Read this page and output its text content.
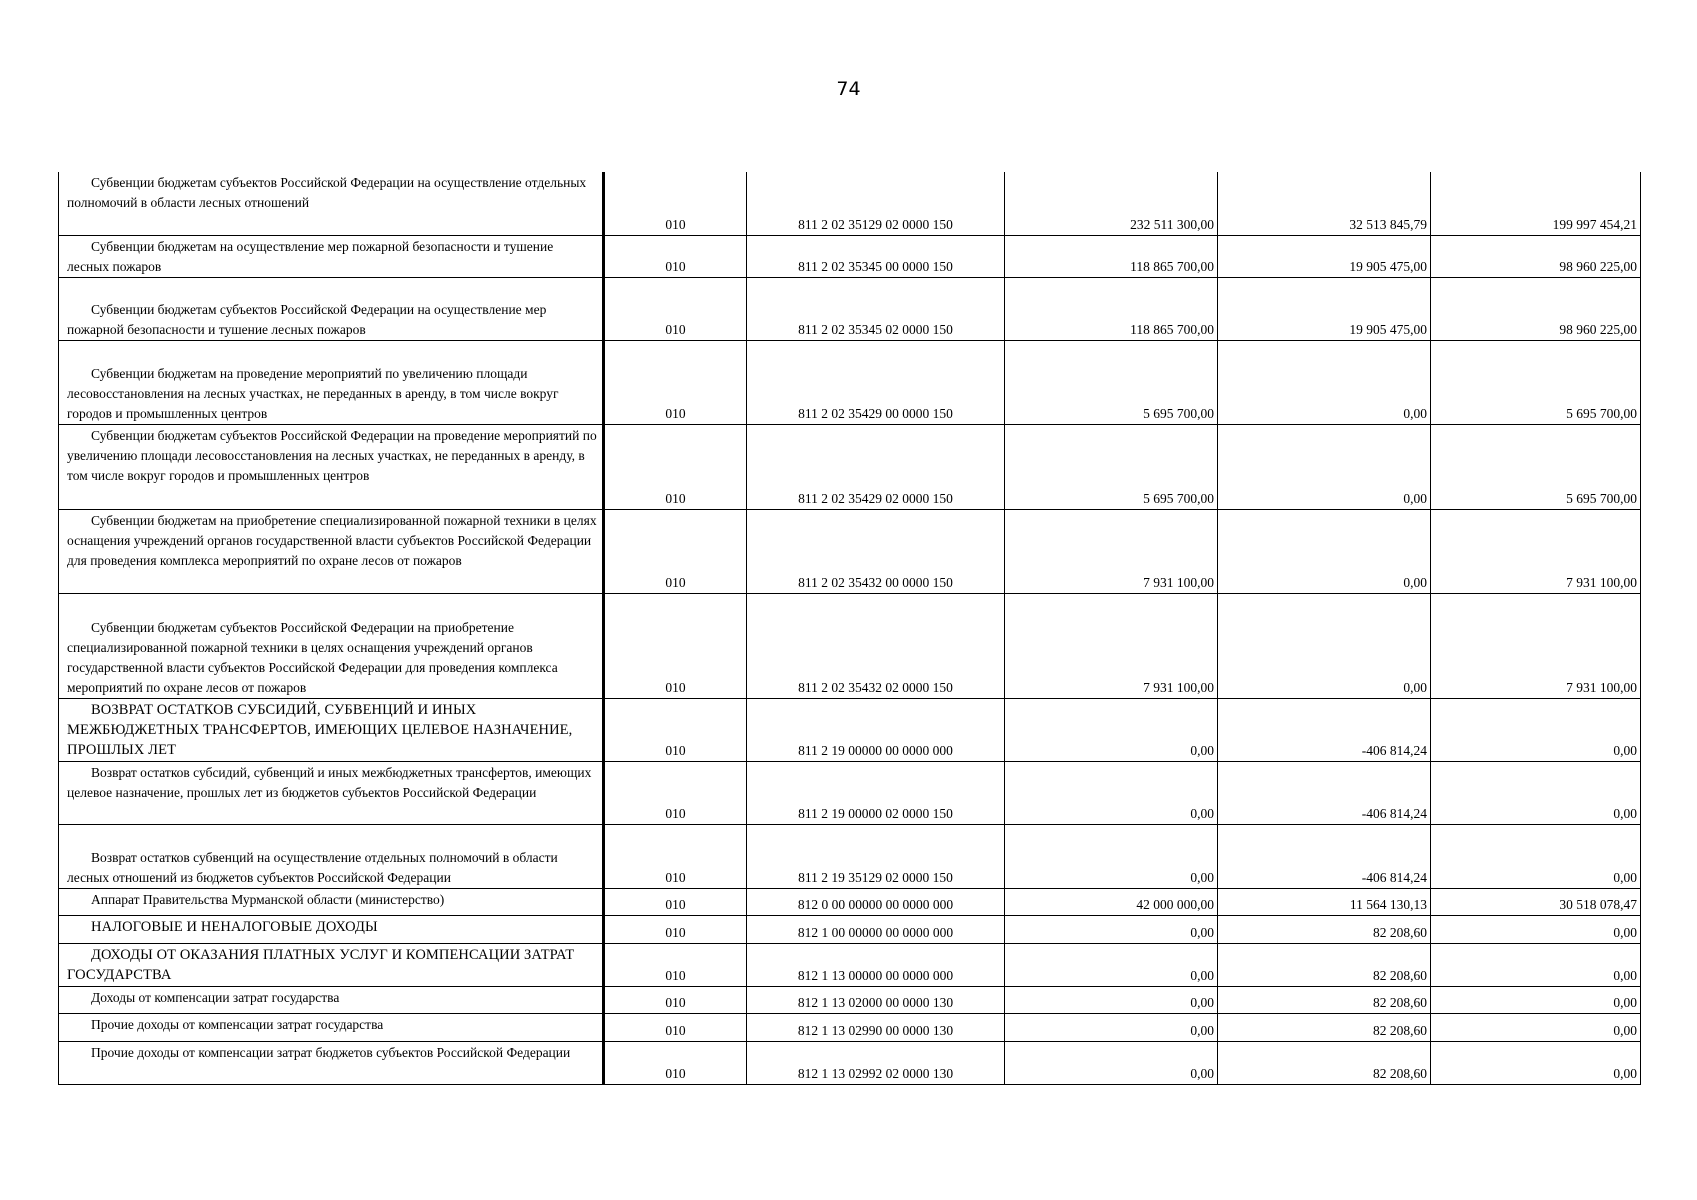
74
Субвенции бюджетам субъектов Российской Федерации на осуществление отдельных полномочий в области лесных отношений	010	811 2 02 35129 02 0000 150	232 511 300,00	32 513 845,79	199 997 454,21
Субвенции бюджетам на осуществление мер пожарной безопасности и тушение лесных пожаров	010	811 2 02 35345 00 0000 150	118 865 700,00	19 905 475,00	98 960 225,00
Субвенции бюджетам субъектов Российской Федерации на осуществление мер пожарной безопасности и тушение лесных пожаров	010	811 2 02 35345 02 0000 150	118 865 700,00	19 905 475,00	98 960 225,00
Субвенции бюджетам на проведение мероприятий по увеличению площади лесовосстановления на лесных участках, не переданных в аренду, в том числе вокруг городов и промышленных центров	010	811 2 02 35429 00 0000 150	5 695 700,00	0,00	5 695 700,00
Субвенции бюджетам субъектов Российской Федерации на проведение мероприятий по увеличению площади лесовосстановления на лесных участках, не переданных в аренду, в том числе вокруг городов и промышленных центров	010	811 2 02 35429 02 0000 150	5 695 700,00	0,00	5 695 700,00
Субвенции бюджетам на приобретение специализированной пожарной техники в целях оснащения учреждений органов государственной власти субъектов Российской Федерации для проведения комплекса мероприятий по охране лесов от пожаров	010	811 2 02 35432 00 0000 150	7 931 100,00	0,00	7 931 100,00
Субвенции бюджетам субъектов Российской Федерации на приобретение специализированной пожарной техники в целях оснащения учреждений органов государственной власти субъектов Российской Федерации для проведения комплекса мероприятий по охране лесов от пожаров	010	811 2 02 35432 02 0000 150	7 931 100,00	0,00	7 931 100,00
ВОЗВРАТ ОСТАТКОВ СУБСИДИЙ, СУБВЕНЦИЙ И ИНЫХ МЕЖБЮДЖЕТНЫХ ТРАНСФЕРТОВ, ИМЕЮЩИХ ЦЕЛЕВОЕ НАЗНАЧЕНИЕ, ПРОШЛЫХ ЛЕТ	010	811 2 19 00000 00 0000 000	0,00	-406 814,24	0,00
Возврат остатков субсидий, субвенций и иных межбюджетных трансфертов, имеющих целевое назначение, прошлых лет из бюджетов субъектов Российской Федерации	010	811 2 19 00000 02 0000 150	0,00	-406 814,24	0,00
Возврат остатков субвенций на осуществление отдельных полномочий в области лесных отношений из бюджетов субъектов Российской Федерации	010	811 2 19 35129 02 0000 150	0,00	-406 814,24	0,00
Аппарат Правительства Мурманской области (министерство)	010	812 0 00 00000 00 0000 000	42 000 000,00	11 564 130,13	30 518 078,47
НАЛОГОВЫЕ И НЕНАЛОГОВЫЕ ДОХОДЫ	010	812 1 00 00000 00 0000 000	0,00	82 208,60	0,00
ДОХОДЫ ОТ ОКАЗАНИЯ ПЛАТНЫХ УСЛУГ И КОМПЕНСАЦИИ ЗАТРАТ ГОСУДАРСТВА	010	812 1 13 00000 00 0000 000	0,00	82 208,60	0,00
Доходы от компенсации затрат государства	010	812 1 13 02000 00 0000 130	0,00	82 208,60	0,00
Прочие доходы от компенсации затрат государства	010	812 1 13 02990 00 0000 130	0,00	82 208,60	0,00
Прочие доходы от компенсации затрат бюджетов субъектов Российской Федерации	010	812 1 13 02992 02 0000 130	0,00	82 208,60	0,00
